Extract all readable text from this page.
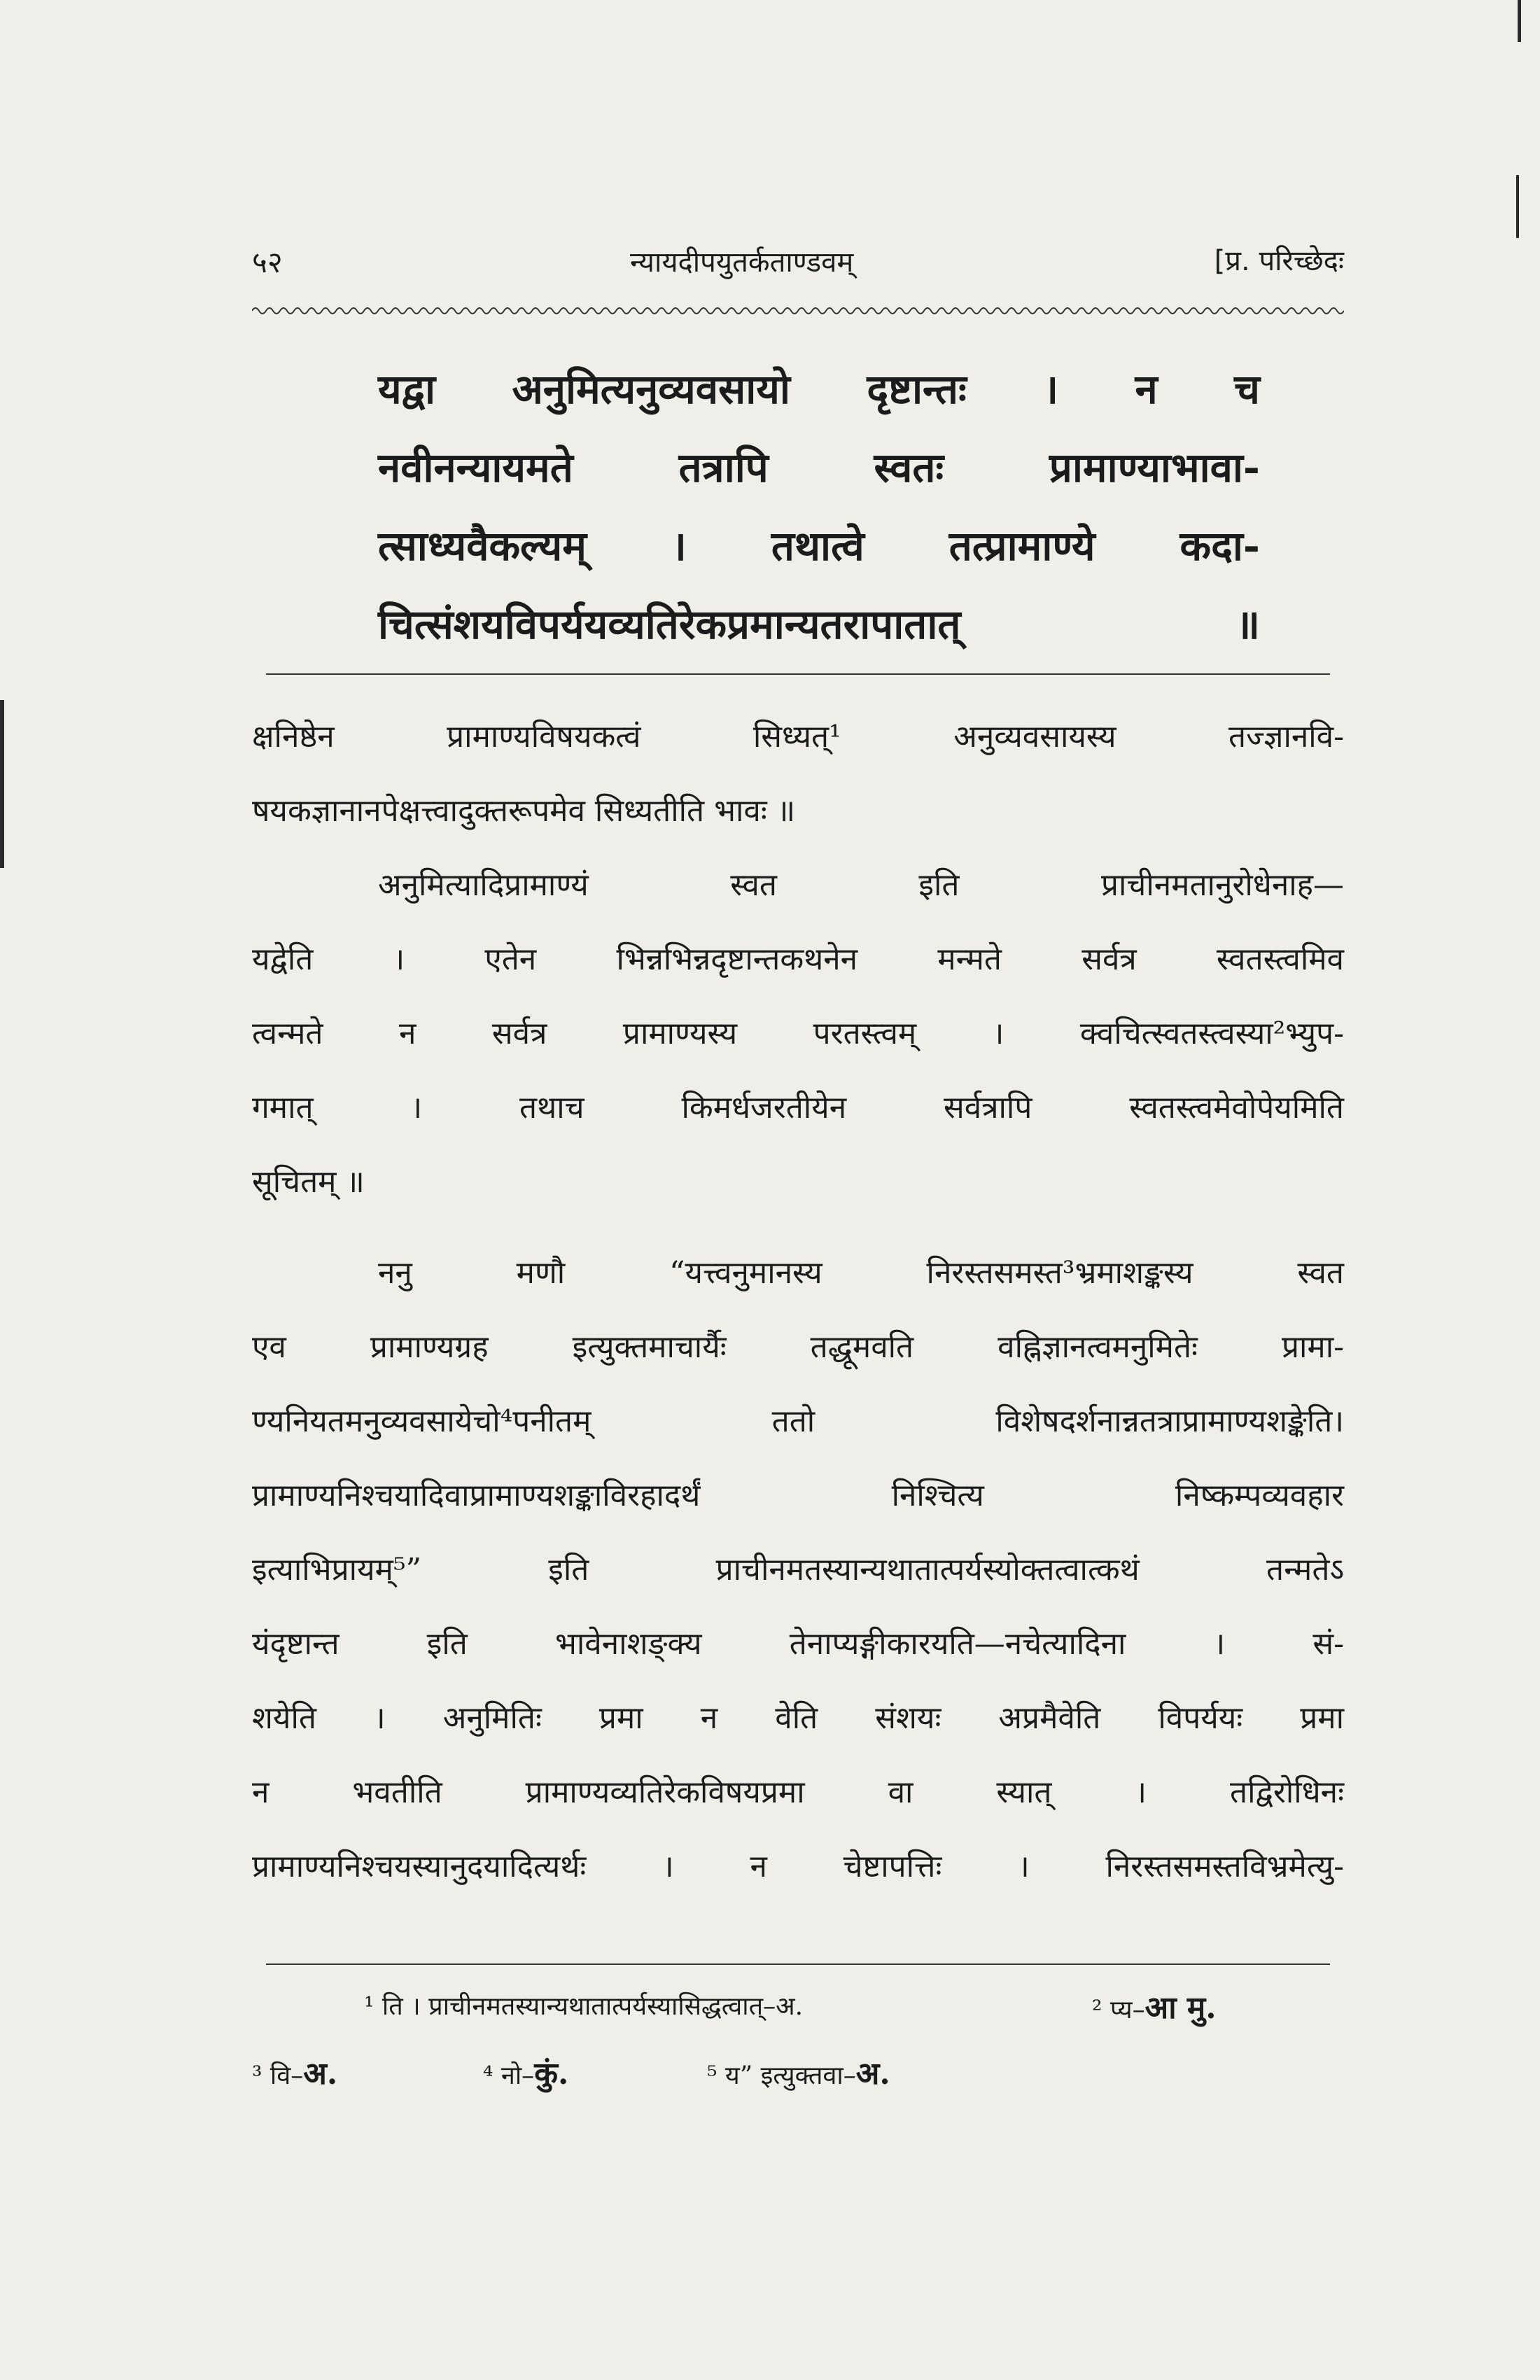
५२	न्यायदीपयुतर्कताण्डवम्	[प्र. परिच्छेदः
यद्वा अनुमित्यनुव्यवसायो दृष्टान्तः । न च
नवीनन्यायमते तत्रापि स्वतः प्रामाण्याभावा-
त्साध्यवैकल्यम् । तथात्वे तत्प्रामाण्ये कदा-
चित्संशयविपर्ययव्यतिरेकप्रमान्यतरापातात् ॥
क्षनिष्ठेन प्रामाण्यविषयकत्वं सिध्यत्¹ अनुव्यवसायस्य तज्ज्ञानवि-
षयकज्ञानानपेक्षत्त्वादुक्तरूपमेव सिध्यतीति भावः ॥
अनुमित्यादिप्रामाण्यं स्वत इति प्राचीनमतानुरोधेनाह—
यद्वेति । एतेन भिन्नभिन्नदृष्टान्तकथनेन मन्मते सर्वत्र स्वतस्त्वमिव
त्वन्मते न सर्वत्र प्रामाण्यस्य परतस्त्वम् । क्वचित्स्वतस्त्वस्या²भ्युप-
गमात् । तथाच किमर्धजरतीयेन सर्वत्रापि स्वतस्त्वमेवोपेयमिति
सूचितम् ॥
ननु मणौ “यत्त्वनुमानस्य निरस्तसमस्त³भ्रमाशङ्कस्य स्वत
एव प्रामाण्यग्रह इत्युक्तमाचार्यैः तद्धूमवति वह्निज्ञानत्वमनुमितेः प्रामा-
ण्यनियतमनुव्यवसायेचो⁴पनीतम् ततो विशेषदर्शनान्नतत्राप्रामाण्यशङ्केति।
प्रामाण्यनिश्चयादिवाप्रामाण्यशङ्काविरहादर्थं निश्चित्य निष्कम्पव्यवहार
इत्याभिप्रायम्⁵” इति प्राचीनमतस्यान्यथातात्पर्यस्योक्तत्वात्कथं तन्मतेऽ
यंदृष्टान्त इति भावेनाशङ्क्य तेनाप्यङ्गीकारयति—नचेत्यादिना । सं-
शयेति । अनुमितिः प्रमा न वेति संशयः अप्रमैवेति विपर्ययः प्रमा
न भवतीति प्रामाण्यव्यतिरेकविषयप्रमा वा स्यात् । तद्विरोधिनः
प्रामाण्यनिश्चयस्यानुदयादित्यर्थः । न चेष्टापत्तिः । निरस्तसमस्तविभ्रमेत्यु-
¹ ति । प्राचीनमतस्यान्यथातात्पर्यस्यासिद्धत्वात्–अ.	² प्य–आ मु.
³ वि–अ.	⁴ नो–कुं.	⁵ य” इत्युक्तवा–अ.
